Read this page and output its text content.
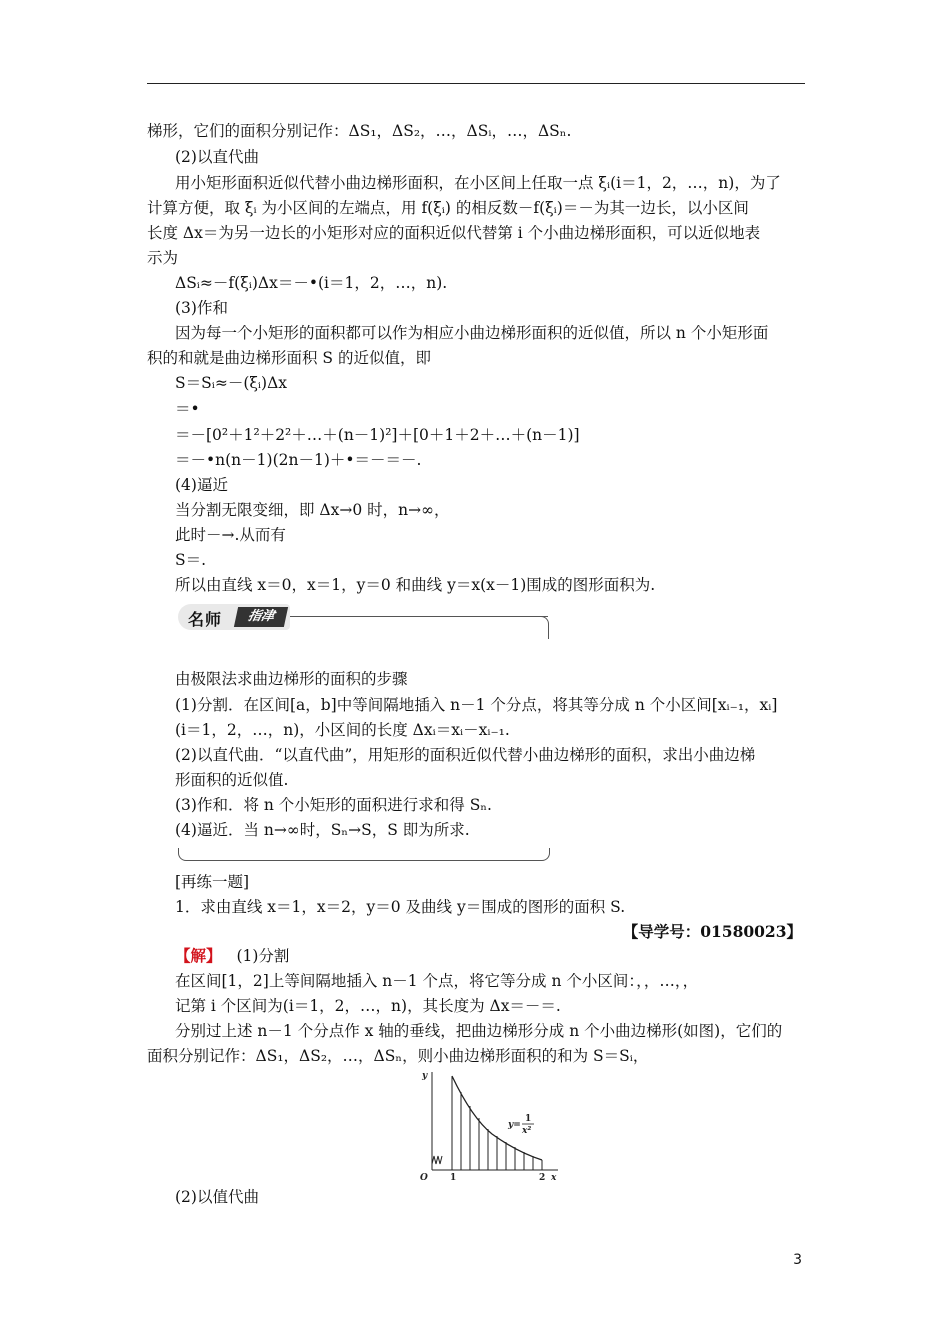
梯形，它们的面积分别记作：ΔS₁，ΔS₂，…，ΔSᵢ，…，ΔSₙ.
(2)以直代曲
用小矩形面积近似代替小曲边梯形面积，在小区间上任取一点 ξᵢ(i＝1，2，…，n)，为了
计算方便，取 ξᵢ 为小区间的左端点，用 f(ξᵢ) 的相反数－f(ξᵢ)＝－为其一边长，以小区间
长度 Δx＝为另一边长的小矩形对应的面积近似代替第 i 个小曲边梯形面积，可以近似地表
示为
ΔSᵢ≈－f(ξᵢ)Δx＝－•(i＝1，2，…，n).
(3)作和
因为每一个小矩形的面积都可以作为相应小曲边梯形面积的近似值，所以 n 个小矩形面
积的和就是曲边梯形面积 S 的近似值，即
S＝Sᵢ≈－(ξᵢ)Δx
＝•
＝－[0²＋1²＋2²＋…＋(n－1)²]＋[0＋1＋2＋…＋(n－1)]
＝－•n(n－1)(2n－1)＋•＝－＝－.
(4)逼近
当分割无限变细，即 Δx→0 时，n→∞，
此时－→.从而有
S＝.
所以由直线 x＝0，x＝1，y＝0 和曲线 y＝x(x－1)围成的图形面积为.
名师	指津
由极限法求曲边梯形的面积的步骤
(1)分割．在区间[a，b]中等间隔地插入 n－1 个分点，将其等分成 n 个小区间[xᵢ₋₁，xᵢ]
(i＝1，2，…，n)，小区间的长度 Δxᵢ＝xᵢ－xᵢ₋₁.
(2)以直代曲．“以直代曲”，用矩形的面积近似代替小曲边梯形的面积，求出小曲边梯
形面积的近似值.
(3)作和．将 n 个小矩形的面积进行求和得 Sₙ.
(4)逼近．当 n→∞时，Sₙ→S，S 即为所求.
[再练一题]
1．求由直线 x＝1，x＝2，y＝0 及曲线 y＝围成的图形的面积 S.
【导学号：01580023】
【解】 (1)分割
在区间[1，2]上等间隔地插入 n－1 个点，将它等分成 n 个小区间：，，…，，
记第 i 个区间为(i＝1，2，…，n)，其长度为 Δx＝－＝.
分别过上述 n－1 个分点作 x 轴的垂线，把曲边梯形分成 n 个小曲边梯形(如图)，它们的
面积分别记作：ΔS₁，ΔS₂，…，ΔSₙ，则小曲边梯形面积的和为 S＝Sᵢ，
y
x
O 1	2
y=
1
x²
(2)以值代曲
3
